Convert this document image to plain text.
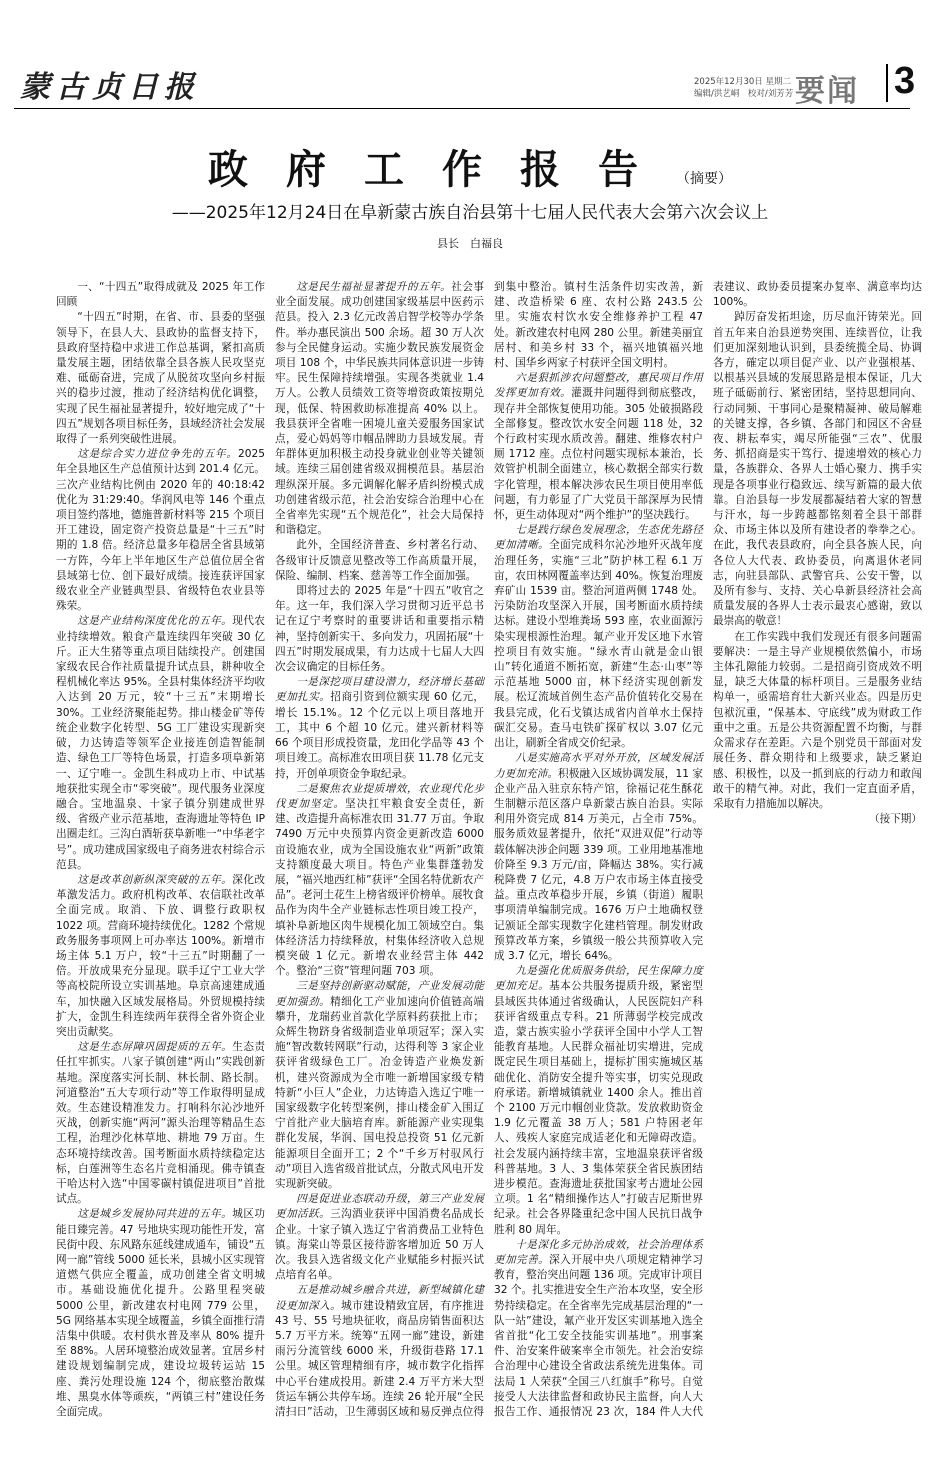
蒙古贞日报	2025年12月30日 星期二
编辑/洪艺峒　校对/刘芳芳 要闻 3
政府工作报告（摘要）
——2025年12月24日在阜新蒙古族自治县第十七届人民代表大会第六次会议上
县长　白福良

一、“十四五”取得成就及 2025 年工作回顾

“十四五”时期，在省、市、县委的坚强领导下，在县人大、县政协的监督支持下，县政府坚持稳中求进工作总基调，紧扣高质量发展主题，团结依靠全县各族人民攻坚克难、砥砺奋进，完成了从脱贫攻坚向乡村振兴的稳步过渡，推动了经济结构优化调整，实现了民生福祉显著提升，较好地完成了“十四五”规划各项目标任务，县域经济社会发展取得了一系列突破性进展。

这是综合实力进位争先的五年。2025 年全县地区生产总值预计达到 201.4 亿元。三次产业结构比例由 2020 年的 40:18:42 优化为 31:29:40。华润风电等 146 个重点项目签约落地，德施普新材料等 215 个项目开工建设，固定资产投资总量是“十三五”时期的 1.8 倍。经济总量多年稳居全省县域第一方阵，今年上半年地区生产总值位居全省县域第七位、创下最好成绩。接连获评国家级农业全产业链典型县、省级特色农业县等殊荣。

这是产业结构深度优化的五年。现代农业持续增效。粮食产量连续四年突破 30 亿斤。正大生猪等重点项目陆续投产。创建国家级农民合作社质量提升试点县，耕种收全程机械化率达 95%。全县村集体经济平均收入达到 20 万元，较“十三五”末期增长 30%。工业经济聚能起势。排山楼金矿等传统企业数字化转型、5G 工厂建设实现新突破，力达铸造等领军企业接连创造智能制造、绿色工厂等特色场景，打造多项阜新第一、辽宁唯一。金凯生科成功上市、中试基地获批实现全市“零突破”。现代服务业深度融合。宝地温泉、十家子镇分别建成世界级、省级产业示范基地，查海遗址等特色 IP 出圈走红。三沟白酒斩获阜新唯一“中华老字号”。成功建成国家级电子商务进农村综合示范县。

这是改革创新纵深突破的五年。深化改革激发活力。政府机构改革、农信联社改革全面完成。取消、下放、调整行政职权 1022 项。营商环境持续优化。1282 个常规政务服务事项网上可办率达 100%。新增市场主体 5.1 万户，较“十三五”时期翻了一倍。开放成果充分显现。联手辽宁工业大学等高校院所设立实训基地。阜京高速建成通车，加快融入区域发展格局。外贸规模持续扩大，金凯生科连续两年获得全省外资企业突出贡献奖。

这是生态屏障巩固提质的五年。生态责任扛牢抓实。八家子镇创建“两山”实践创新基地。深度落实河长制、林长制、路长制。河道整治“五大专项行动”等工作取得明显成效。生态建设精准发力。打响科尔沁沙地歼灭战，创新实施“两河”源头治理等精品生态工程，治理沙化林草地、耕地 79 万亩。生态环境持续改善。国考断面水质持续稳定达标，白莲洲等生态名片竞相涌现。佛寺镇查干哈达村入选“中国零碳村镇促进项目”首批试点。

这是城乡发展协同共进的五年。城区功能日臻完善。47 号地块实现功能性开发，富民街中段、东风路东延线建成通车，铺设“五网一廊”管线 5000 延长米，县城小区实现管道燃气供应全覆盖，成功创建全省文明城市。基础设施优化提升。公路里程突破 5000 公里，新改建农村电网 779 公里，5G 网络基本实现全域覆盖，乡镇全面推行清洁集中供暖。农村供水普及率从 80% 提升至 88%。人居环境整治成效显著。宜居乡村建设规划编制完成，建设垃圾转运站 15 座、粪污处理设施 124 个，彻底整治散煤堆、黑臭水体等顽疾，“两镇三村”建设任务全面完成。

这是民生福祉显著提升的五年。社会事业全面发展。成功创建国家级基层中医药示范县。投入 2.3 亿元改善启智学校等办学条件。举办惠民演出 500 余场。超 30 万人次参与全民健身运动。实施少数民族发展资金项目 108 个，中华民族共同体意识进一步铸牢。民生保障持续增强。实现各类就业 1.4 万人。公教人员绩效工资等增资政策按期兑现，低保、特困救助标准提高 40% 以上。我县获评全省唯一困境儿童关爱服务国家试点，爱心妈妈等巾帼品牌助力县域发展。青年群体更加积极主动投身就业创业等关键领域。连续三届创建省级双拥模范县。基层治理纵深开展。多元调解化解矛盾纠纷模式成功创建省级示范，社会治安综合治理中心在全省率先实现“五个规范化”，社会大局保持和谐稳定。

此外，全国经济普查、乡村著名行动、各级审计反馈意见整改等工作高质量开展，保险、编制、档案、慈善等工作全面加强。

即将过去的 2025 年是“十四五”收官之年。这一年，我们深入学习贯彻习近平总书记在辽宁考察时的重要讲话和重要指示精神，坚持创新实干、多向发力，巩固拓展“十四五”时期发展成果，有力达成十七届人大四次会议确定的目标任务。

一是深挖项目建设潜力，经济增长基础更加扎实。招商引资到位额实现 60 亿元，增长 15.1%。12 个亿元以上项目落地开工，其中 6 个超 10 亿元。建兴新材料等 66 个项目形成投资量，龙田化学品等 43 个项目竣工。高标准农田项目获 11.78 亿元支持，开创单项资金争取纪录。

二是聚焦农业提质增效，农业现代化步伐更加坚定。坚决扛牢粮食安全责任，新建、改造提升高标准农田 31.77 万亩。争取 7490 万元中央预算内资金更新改造 6000 亩设施农业，成为全国设施农业“两新”政策支持额度最大项目。特色产业集群蓬勃发展，“福兴地西红柿”获评“全国名特优新农产品”。老河土花生上榜省级评价榜单。展牧食品作为肉牛全产业链标志性项目竣工投产，填补阜新地区肉牛规模化加工领域空白。集体经济活力持续释放，村集体经济收入总规模突破 1 亿元。新增农业经营主体 442 个。整治“三资”管理问题 703 项。

三是坚持创新驱动赋能，产业发展动能更加强劲。精细化工产业加速向价值链高端攀升，龙瑞药业首款化学原料药获批上市；众辉生物跻身省级制造业单项冠军；深入实施“智改数转网联”行动，达得利等 3 家企业获评省级绿色工厂。冶金铸造产业焕发新机，建兴资源成为全市唯一新增国家级专精特新“小巨人”企业，力达铸造入选辽宁唯一国家级数字化转型案例，排山楼金矿入围辽宁首批产业大脑培育库。新能源产业实现集群化发展，华润、国电投总投资 51 亿元新能源项目全面开工；2 个“千乡万村驭风行动”项目入选省级首批试点，分散式风电开发实现新突破。

四是促进业态联动升级，第三产业发展更加活跃。三沟酒业获评中国消费名品成长企业。十家子镇入选辽宁省消费品工业特色镇。海棠山等景区接待游客增加近 50 万人次。我县入选省级文化产业赋能乡村振兴试点培育名单。

五是推动城乡融合共进，新型城镇化建设更加深入。城市建设精致宜居，有序推进 43 号、55 号地块征收，商品房销售面积达 5.7 万平方米。统筹“五网一廊”建设，新建雨污分流管线 6000 米，升级街巷路 17.1 公里。城区管理精细有序，城市数字化指挥中心平台建成投用。新建 2.4 万平方米大型货运车辆公共停车场。连续 26 轮开展“全民清扫日”活动，卫生薄弱区域和易反弹点位得到集中整治。镇村生活条件切实改善，新建、改造桥梁 6 座、农村公路 243.5 公里。实施农村饮水安全维修养护工程 47 处。新改建农村电网 280 公里。新建美丽宜居村、和美乡村 33 个，福兴地镇福兴地村、国华乡两家子村获评全国文明村。

六是狠抓涉农问题整改，惠民项目作用发挥更加有效。灌溉井问题得到彻底整改，现存井全部恢复使用功能。305 处破损路段全部修复。整改饮水安全问题 118 处，32 个行政村实现水质改善。翻建、维修农村户厕 1712 座。点位村问题实现标本兼治，长效管护机制全面建立，核心数据全部实行数字化管理，根本解决涉农民生项目使用率低问题，有力彰显了广大党员干部深厚为民情怀，更生动体现对“两个维护”的坚决践行。

七是践行绿色发展理念，生态优先路径更加清晰。全面完成科尔沁沙地歼灭战年度治理任务，实施“三北”防护林工程 6.1 万亩，农田林网覆盖率达到 40%。恢复治理废弃矿山 1539 亩。整治河道两侧 1748 处。污染防治攻坚深入开展，国考断面水质持续达标。建设小型堆粪场 593 座，农业面源污染实现根源性治理。氟产业开发区地下水管控项目有效实施。“绿水青山就是金山银山”转化通道不断拓宽，新建“生态·山枣”等示范基地 5000 亩，林下经济实现创新发展。松辽流域首例生态产品价值转化交易在我县完成，化石戈镇达成省内首单水土保持碳汇交易。查马屯铁矿探矿权以 3.07 亿元出让，刷新全省成交价纪录。

八是实施高水平对外开放，区域发展活力更加充沛。积极融入区域协调发展，11 家企业产品入驻京东特产馆，徐福记花生酥花生制糖示范区落户阜新蒙古族自治县。实际利用外资完成 814 万美元，占全市 75%。服务质效显著提升，依托“双进双促”行动等载体解决涉企问题 339 项。工业用地基准地价降至 9.3 万元/亩，降幅达 38%。实行减税降费 7 亿元，4.8 万户农市场主体直接受益。重点改革稳步开展，乡镇（街道）履职事项清单编制完成。1676 万户土地确权登记颁证全部实现数字化建档管理。制发财政预算改革方案，乡镇级一般公共预算收入完成 3.7 亿元，增长 64%。

九是强化优质服务供给，民生保障力度更加充足。基本公共服务提质升级，紧密型县域医共体通过省级确认，人民医院妇产科获评省级重点专科。21 所薄弱学校完成改造，蒙古族实验小学获评全国中小学人工智能教育基地。人民群众福祉切实增进，完成既定民生项目基础上，提标扩围实施城区基础优化、消防安全提升等实事，切实兑现政府承诺。新增城镇就业 1400 余人。推出首个 2100 万元巾帼创业贷款。发放救助资金 1.9 亿元覆盖 38 万人；581 户特困老年人、残疾人家庭完成适老化和无障碍改造。社会发展内涵持续丰富，宝地温泉获评省级科普基地。3 人、3 集体荣获全省民族团结进步模范。查海遗址获批国家考古遗址公园立项。1 名“精细操作达人”打破吉尼斯世界纪录。社会各界隆重纪念中国人民抗日战争胜利 80 周年。

十是深化多元协治成效，社会治理体系更加完善。深入开展中央八项规定精神学习教育，整治突出问题 136 项。完成审计项目 32 个。扎实推进安全生产治本攻坚，安全形势持续稳定。在全省率先完成基层治理的“一队一站”建设，氟产业开发区实训基地入选全省首批“化工安全技能实训基地”。刑事案件、治安案件破案率全市领先。社会治安综合治理中心建设全省政法系统先进集体。司法局 1 人荣获“全国三八红旗手”称号。自觉接受人大法律监督和政协民主监督，向人大报告工作、通报情况 23 次，184 件人大代表建议、政协委员提案办复率、满意率均达 100%。

踔厉奋发拓坦途，历尽血汗铸荣光。回首五年来自治县逆势突围、连续晋位，让我们更加深刻地认识到，县委统揽全局、协调各方，確定以项目促产业、以产业强根基、以根基兴县域的发展思路是根本保证，几大班子砥砺前行、紧密团结，坚持思想同向、行动同频、干事同心是聚精凝神、破局解难的关键支撑，各乡镇、各部门和园区不舍昼夜、耕耘奉实，竭尽所能强“三农”、优服务、抓招商是实干笃行、提速增效的核心力量，各族群众、各界人士婚心聚力、携手实现是各项事业行稳致远、续写新篇的最大依靠。自治县每一步发展都凝结着大家的智慧与汗水，每一步跨越都铭刻着全县干部群众、市场主体以及所有建设者的拳拳之心。在此，我代表县政府，向全县各族人民，向各位人大代表、政协委员，向离退休老同志，向驻县部队、武警官兵、公安干警，以及所有参与、支持、关心阜新县经济社会高质量发展的各界人士表示最衷心感谢，致以最崇高的敬意！

在工作实践中我们发现还有很多问题需要解决：一是主导产业规模依然偏小，市场主体孔隙能力较弱。二是招商引资成效不明显，缺乏大体量的标杆项目。三是服务业结构单一，亟需培育壮大新兴业态。四是历史包袱沉重，“保基本、守底线”成为财政工作重中之重。五是公共资源配置不均衡，与群众需求存在差距。六是个别党员干部面对发展任务、群众期待和上级要求，缺乏紧迫感、积极性，以及一抓到底的行动力和敢闯敢干的精气神。对此，我们一定直面矛盾，采取有力措施加以解决。

（接下期）
